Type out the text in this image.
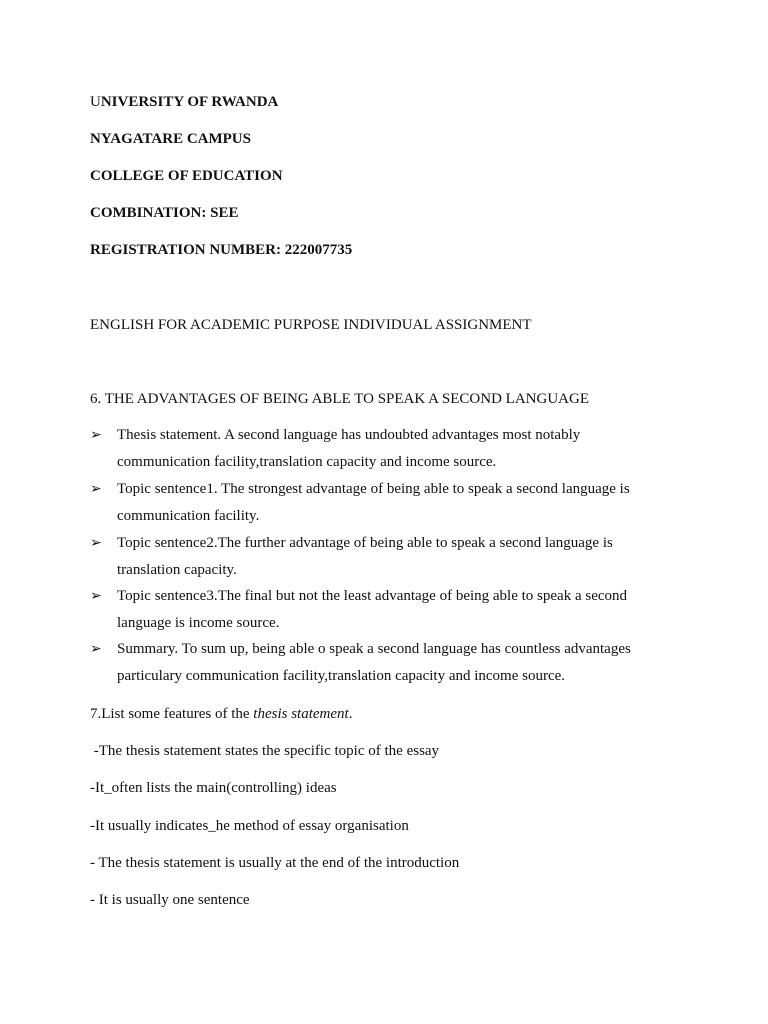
UNIVERSITY OF RWANDA
NYAGATARE CAMPUS
COLLEGE OF EDUCATION
COMBINATION: SEE
REGISTRATION NUMBER: 222007735
ENGLISH FOR ACADEMIC PURPOSE INDIVIDUAL ASSIGNMENT
6. THE ADVANTAGES OF BEING ABLE TO SPEAK A SECOND LANGUAGE
➢ Thesis statement. A second language has undoubted advantages most notably
communication facility,translation capacity and income source.
➢ Topic sentence1. The strongest advantage of being able to speak a second language is
communication facility.
➢ Topic sentence2.The further advantage of being able to speak a second language is
translation capacity.
➢ Topic sentence3.The final but not the least advantage of being able to speak a second
language is income source.
➢ Summary. To sum up, being able o speak a second language has countless advantages
particulary communication facility,translation capacity and income source.
7.List some features of the thesis statement.
-The thesis statement states the specific topic of the essay
-It_often lists the main(controlling) ideas
-It usually indicates_he method of essay organisation
- The thesis statement is usually at the end of the introduction
- It is usually one sentence
